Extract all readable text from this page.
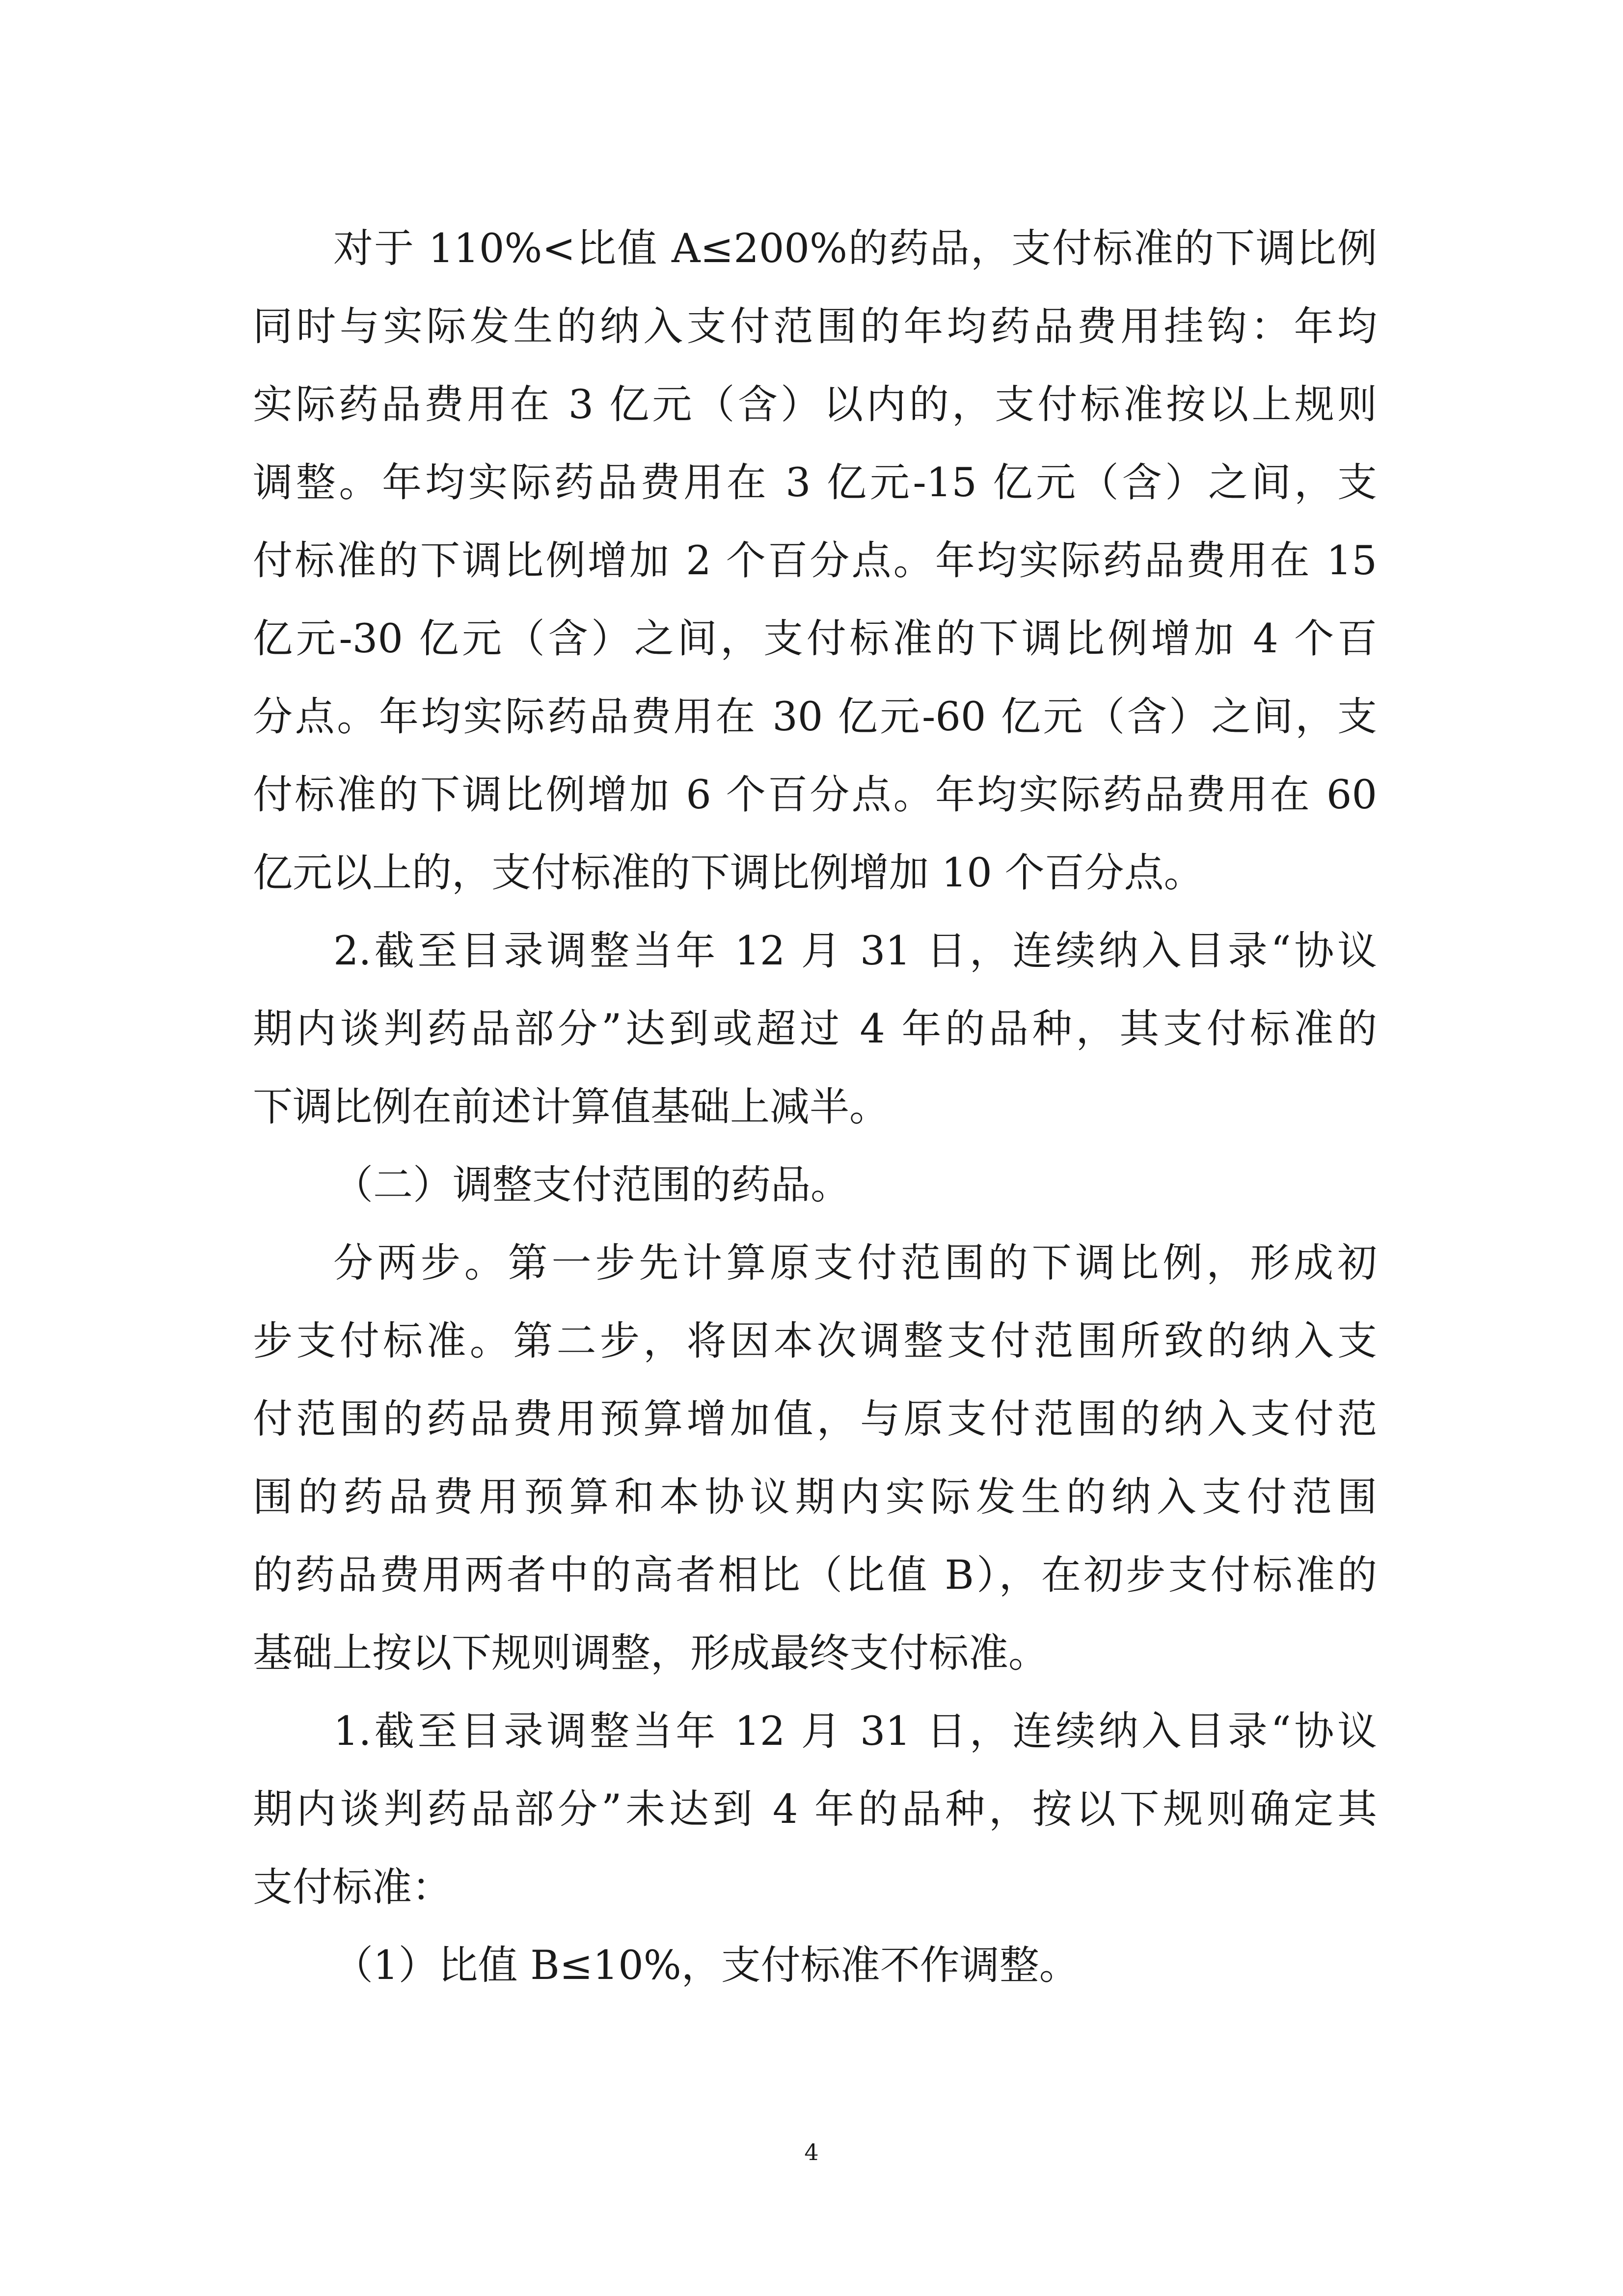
对于 110%<比值 A≤200%的药品，支付标准的下调比例
同时与实际发生的纳入支付范围的年均药品费用挂钩：年均
实际药品费用在 3 亿元（含）以内的，支付标准按以上规则
调整。年均实际药品费用在 3 亿元-15 亿元（含）之间，支
付标准的下调比例增加 2 个百分点。年均实际药品费用在 15
亿元-30 亿元（含）之间，支付标准的下调比例增加 4 个百
分点。年均实际药品费用在 30 亿元-60 亿元（含）之间，支
付标准的下调比例增加 6 个百分点。年均实际药品费用在 60
亿元以上的，支付标准的下调比例增加 10 个百分点。
2.截至目录调整当年 12 月 31 日，连续纳入目录“协议
期内谈判药品部分”达到或超过 4 年的品种，其支付标准的
下调比例在前述计算值基础上减半。
（二）调整支付范围的药品。
分两步。第一步先计算原支付范围的下调比例，形成初
步支付标准。第二步，将因本次调整支付范围所致的纳入支
付范围的药品费用预算增加值，与原支付范围的纳入支付范
围的药品费用预算和本协议期内实际发生的纳入支付范围
的药品费用两者中的高者相比（比值 B），在初步支付标准的
基础上按以下规则调整，形成最终支付标准。
1.截至目录调整当年 12 月 31 日，连续纳入目录“协议
期内谈判药品部分”未达到 4 年的品种，按以下规则确定其
支付标准：
（1）比值 B≤10%，支付标准不作调整。
4
